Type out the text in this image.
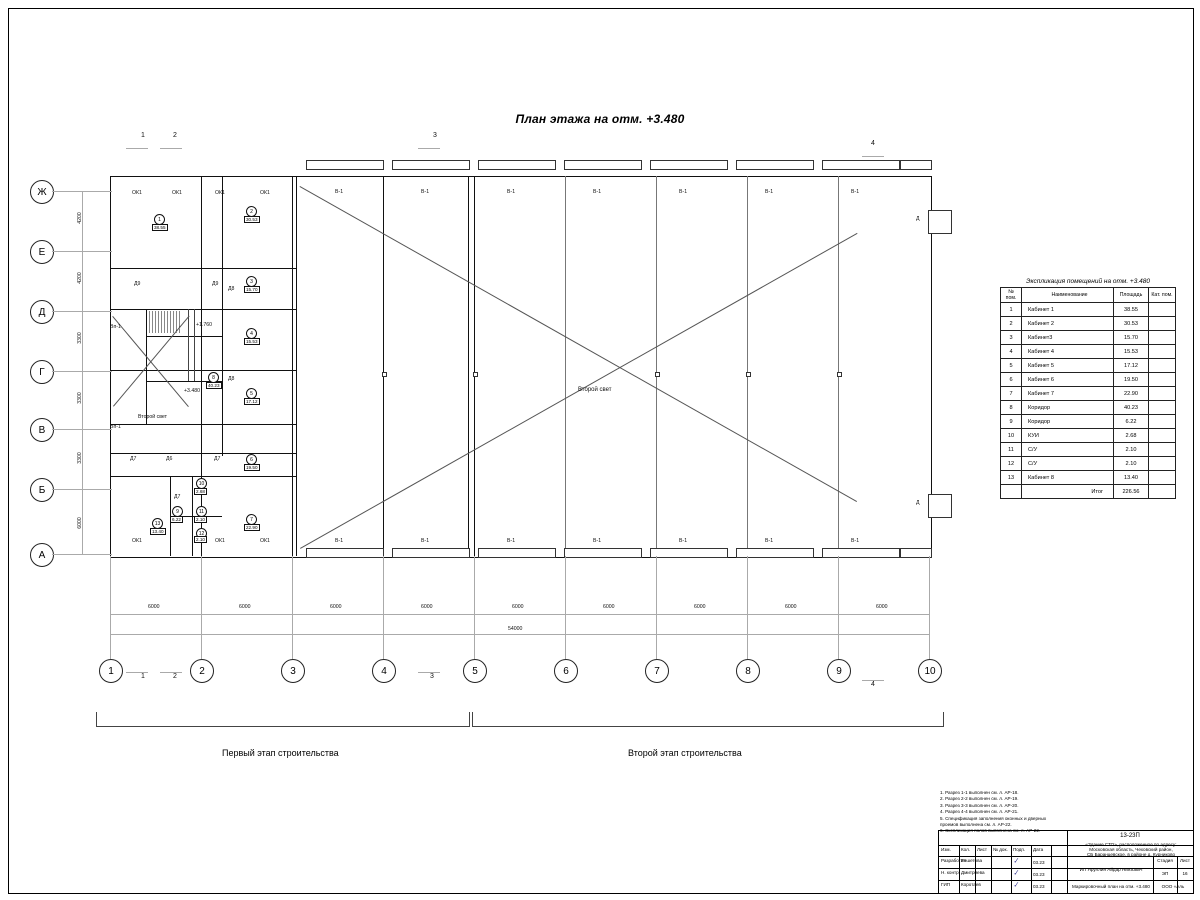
План этажа на отм. +3.480
+1.760
+3.480	Второй свет
Второй свет
В-1	В-1	В-1	В-1	В-1	В-1	В-1
В-1	В-1	В-1	В-1	В-1	В-1	В-1
ОК1	ОК1	ОК1	ОК1
ОК1	ОК1	ОК1
Д
Д
Д9	Д9
Д8
Д8
Д7	Д6	Д7
Д7
Вп-1
Вп-1
1
38.55
2
30.53
3
15.70
4
15.53
5
17.12
6
19.50
7
22.90
8
40.23
9
6.22
10
2.68
11
2.10
12
2.10
13
13.40
Ж
Е
Д
Г
В
Б
А
4200
4200
3300
3300
3300
6000
1	2	3	4	5	6	7	8	9	10
6000	6000	6000	6000	6000	6000	6000	6000	6000
54000
1	2	3
4
1	2	3
4
Первый этап строительства	Второй этап строительства
Экспликация помещений на отм. +3.480
№ пом.	Наименование	Площадь	Кат. пом.
1	Кабинет 1	38.55	
2	Кабинет 2	30.53	
3	Кабинет3	15.70	
4	Кабинет 4	15.53	
5	Кабинет 5	17.12	
6	Кабинет 6	19.50	
7	Кабинет 7	22.90	
8	Коридор	40.23	
9	Коридор	6.22	
10	КУИ	2.68	
11	С/У	2.10	
12	С/У	2.10	
13	Кабинет 8	13.40	
	Итог	226.56	
1. Разрез 1-1 выполнен см. л. АР-18.
2. Разрез 2-2 выполнен см. л. АР-19.
3. Разрез 3-3 выполнен см. л. АР-20.
4. Разрез 4-4 выполнен см. л. АР-21.
5. Спецификация заполнения оконных и дверных
проемов выполнена см. л. АР-22.
6. Экспликация полов выполнена см. л. АР-22.
13-23П
Изм. Кол. Лист № док. Подп. Дата
Разработал
Решетова	03.23
✓
Н. контр. Дмитриева	03.23
✓
ГИП Коротаев	03.23
✓
«Здание СТО», расположенное по адресу:
Московская область, Чеховский район,
СБ Баранцевское, в районе д. Курниково
ИП Яруллин Айдар Ниязович
Маркировочный план на отм. +3.480
Стадия	Лист
ЭП	16
ООО «Аль
